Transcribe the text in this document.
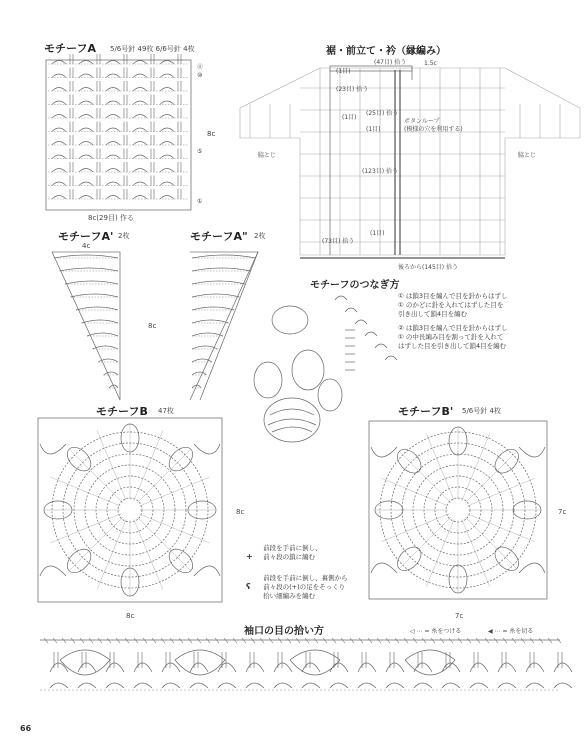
モチーフA 5/6号針 49枚 6/6号針 4枚
8c
8c(29目) 作る
⑪
⑩
⑤
①
モチーフA' 2枚
4c
8c
モチーフA" 2枚
裾・前立て・衿（縁編み）
(47目) 拾う	1.5c
(1目)
(23目) 拾う
(1目)
(25目) 拾う
(1目)
ボタンループ
(模様の穴を利用する)
脇とじ	脇とじ
(123目) 拾う
(73目) 拾う
(1目)
後ろから(145目) 拾う
モチーフのつなぎ方
① は鎖3目を編んで目を針からはずし
① のかどに針を入れてはずした目を
引き出して鎖4目を編む
② は鎖3目を編んで目を針からはずし
① の中長編み目を割って針を入れて
はずした目を引き出して鎖4目を編む
モチーフB 47枚
8c
8c
+
前段を手前に倒し、
前々段の鎖に編む
ʕ
前段を手前に倒し、裏側から
前々段の(+)の足をそっくり
拾い細編みを編む
モチーフB' 5/6号針 4枚
7c
7c
袖口の目の拾い方	◁ ⋯ = 糸をつける	◀ ⋯ = 糸を切る
66
